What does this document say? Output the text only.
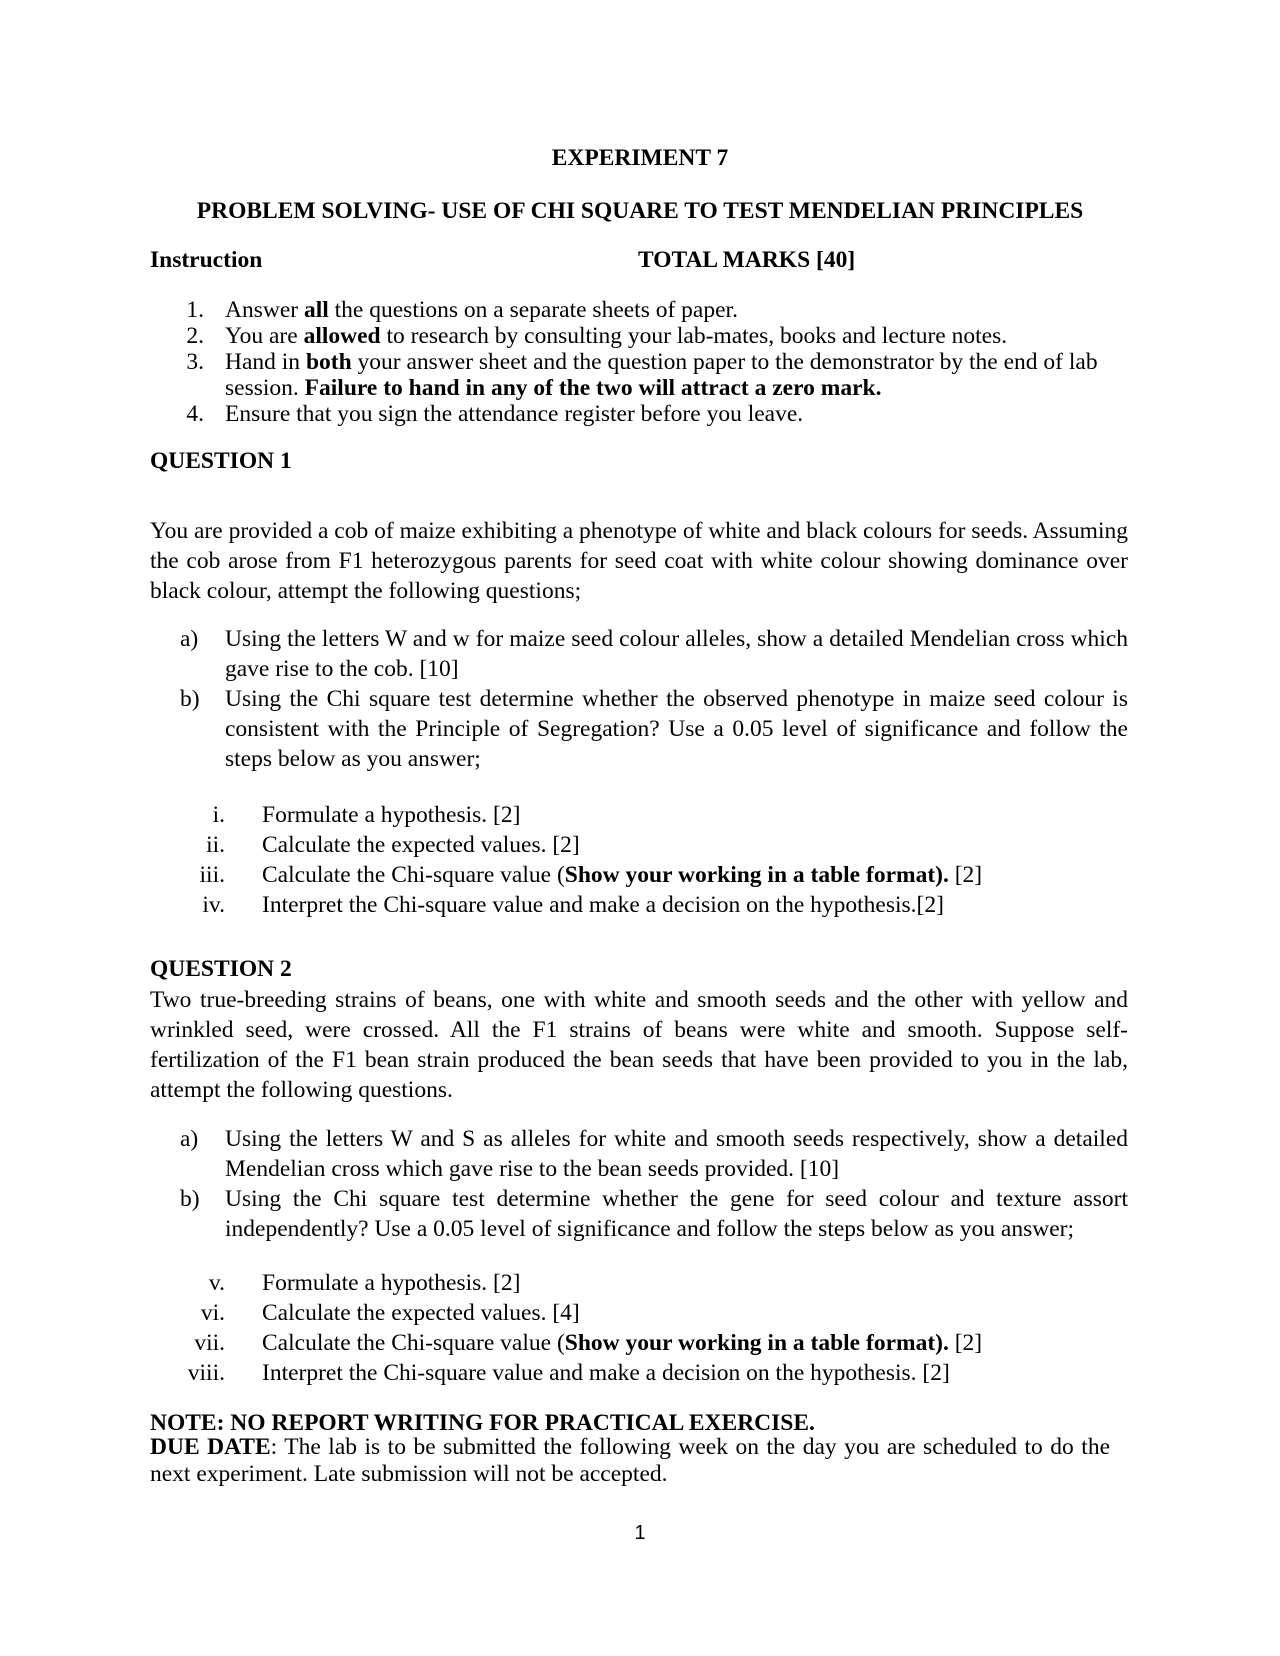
EXPERIMENT 7
PROBLEM SOLVING- USE OF CHI SQUARE TO TEST MENDELIAN PRINCIPLES
Instruction	TOTAL MARKS [40]
1. Answer all the questions on a separate sheets of paper.
2. You are allowed to research by consulting your lab-mates, books and lecture notes.
3. Hand in both your answer sheet and the question paper to the demonstrator by the end of lab
session. Failure to hand in any of the two will attract a zero mark.
4. Ensure that you sign the attendance register before you leave.
QUESTION 1
You are provided a cob of maize exhibiting a phenotype of white and black colours for seeds. Assuming the cob arose from F1 heterozygous parents for seed coat with white colour showing dominance over black colour, attempt the following questions;
a)	Using the letters W and w for maize seed colour alleles, show a detailed Mendelian cross which gave rise to the cob. [10]
b)	Using the Chi square test determine whether the observed phenotype in maize seed colour is consistent with the Principle of Segregation? Use a 0.05 level of significance and follow the steps below as you answer;
i. Formulate a hypothesis. [2]
ii. Calculate the expected values. [2]
iii. Calculate the Chi-square value (Show your working in a table format). [2]
iv. Interpret the Chi-square value and make a decision on the hypothesis.[2]
QUESTION 2
Two true-breeding strains of beans, one with white and smooth seeds and the other with yellow and wrinkled seed, were crossed. All the F1 strains of beans were white and smooth. Suppose self-fertilization of the F1 bean strain produced the bean seeds that have been provided to you in the lab, attempt the following questions.
a)	Using the letters W and S as alleles for white and smooth seeds respectively, show a detailed Mendelian cross which gave rise to the bean seeds provided. [10]
b)	Using the Chi square test determine whether the gene for seed colour and texture assort independently? Use a 0.05 level of significance and follow the steps below as you answer;
v. Formulate a hypothesis. [2]
vi. Calculate the expected values. [4]
vii. Calculate the Chi-square value (Show your working in a table format). [2]
viii. Interpret the Chi-square value and make a decision on the hypothesis. [2]
NOTE: NO REPORT WRITING FOR PRACTICAL EXERCISE.
DUE DATE: The lab is to be submitted the following week on the day you are scheduled to do the next experiment. Late submission will not be accepted.
1
